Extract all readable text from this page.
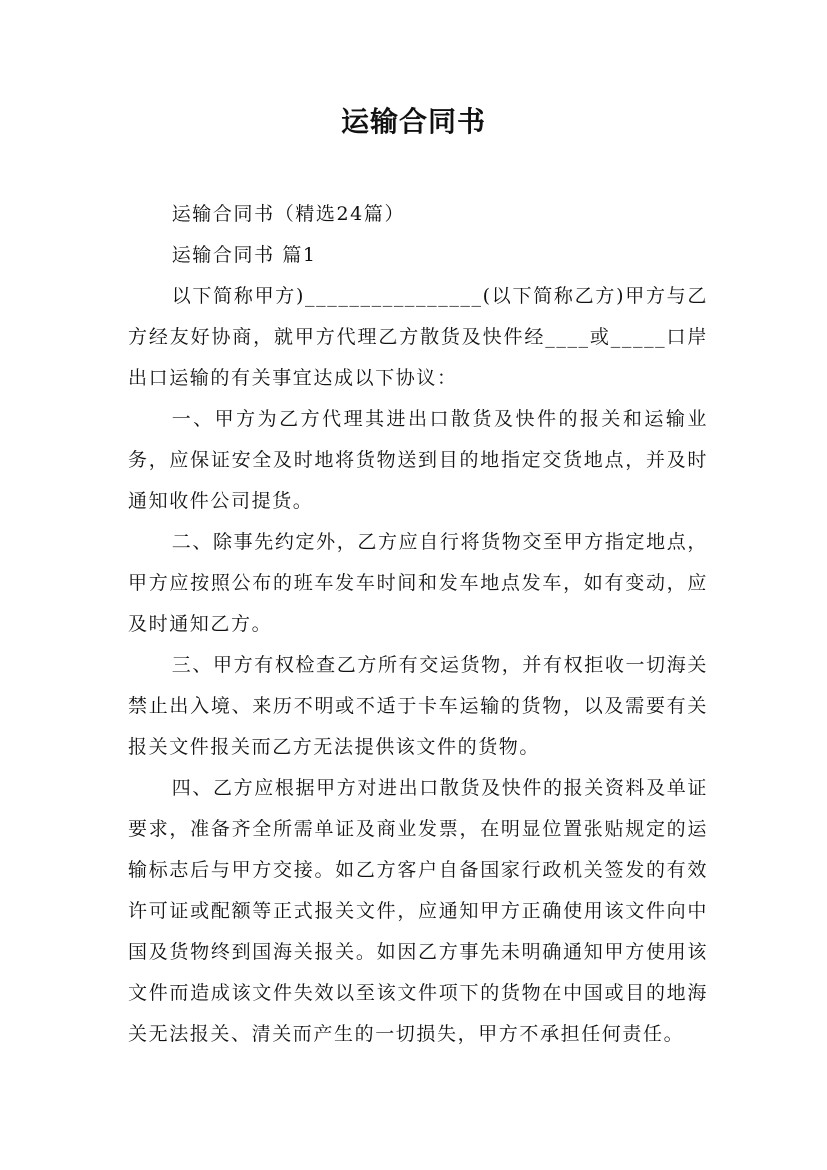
运输合同书

运输合同书（精选24篇）

运输合同书 篇1

以下简称甲方)________________(以下简称乙方)甲方与乙方经友好协商，就甲方代理乙方散货及快件经____或_____口岸出口运输的有关事宜达成以下协议：

一、甲方为乙方代理其进出口散货及快件的报关和运输业务，应保证安全及时地将货物送到目的地指定交货地点，并及时通知收件公司提货。

二、除事先约定外，乙方应自行将货物交至甲方指定地点，甲方应按照公布的班车发车时间和发车地点发车，如有变动，应及时通知乙方。

三、甲方有权检查乙方所有交运货物，并有权拒收一切海关禁止出入境、来历不明或不适于卡车运输的货物，以及需要有关报关文件报关而乙方无法提供该文件的货物。

四、乙方应根据甲方对进出口散货及快件的报关资料及单证要求，准备齐全所需单证及商业发票，在明显位置张贴规定的运输标志后与甲方交接。如乙方客户自备国家行政机关签发的有效许可证或配额等正式报关文件，应通知甲方正确使用该文件向中国及货物终到国海关报关。如因乙方事先未明确通知甲方使用该文件而造成该文件失效以至该文件项下的货物在中国或目的地海关无法报关、清关而产生的一切损失，甲方不承担任何责任。
